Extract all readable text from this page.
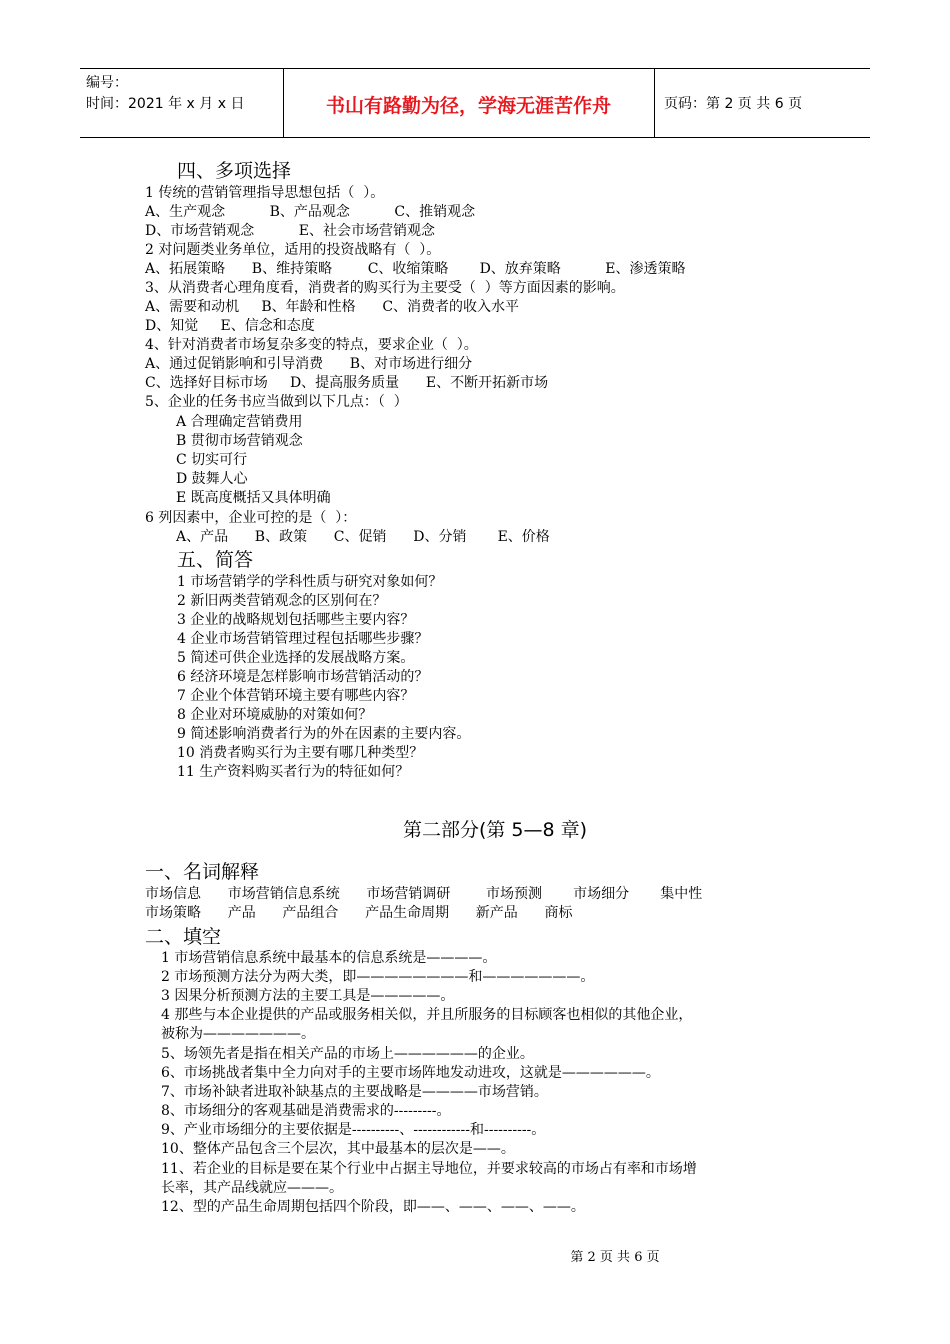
编号：
时间：2021 年 x 月 x 日	书山有路勤为径，学海无涯苦作舟	页码：第 2 页 共 6 页
四、多项选择
1 传统的营销管理指导思想包括（  ）。
A、生产观念          B、产品观念          C、推销观念
D、市场营销观念          E、社会市场营销观念
2 对问题类业务单位，适用的投资战略有（  ）。
A、拓展策略      B、维持策略        C、收缩策略       D、放弃策略          E、渗透策略
3、从消费者心理角度看，消费者的购买行为主要受（  ）等方面因素的影响。
A、需要和动机     B、年龄和性格      C、消费者的收入水平
D、知觉     E、信念和态度
4、针对消费者市场复杂多变的特点，要求企业（  ）。
A、通过促销影响和引导消费      B、对市场进行细分
C、选择好目标市场     D、提高服务质量      E、不断开拓新市场
5、企业的任务书应当做到以下几点：（  ）
A 合理确定营销费用
B 贯彻市场营销观念
C 切实可行
D 鼓舞人心
E 既高度概括又具体明确
6 列因素中，企业可控的是（  ）：
A、产品      B、政策      C、促销      D、分销       E、价格
五、简答
1 市场营销学的学科性质与研究对象如何？
2 新旧两类营销观念的区别何在？
3 企业的战略规划包括哪些主要内容？
4 企业市场营销管理过程包括哪些步骤？
5 简述可供企业选择的发展战略方案。
6 经济环境是怎样影响市场营销活动的？
7 企业个体营销环境主要有哪些内容？
8 企业对环境威胁的对策如何？
9 简述影响消费者行为的外在因素的主要内容。
10 消费者购买行为主要有哪几种类型？
11 生产资料购买者行为的特征如何？
第二部分(第 5—8 章)
一、名词解释
市场信息      市场营销信息系统      市场营销调研        市场预测       市场细分       集中性
市场策略      产品      产品组合      产品生命周期      新产品      商标
二、填空
1 市场营销信息系统中最基本的信息系统是————。
2 市场预测方法分为两大类，即————————和———————。
3 因果分析预测方法的主要工具是—————。
4 那些与本企业提供的产品或服务相关似，并且所服务的目标顾客也相似的其他企业，
被称为———————。
5、场领先者是指在相关产品的市场上——————的企业。
6、市场挑战者集中全力向对手的主要市场阵地发动进攻，这就是——————。
7、市场补缺者进取补缺基点的主要战略是————市场营销。
8、市场细分的客观基础是消费需求的---------。
9、产业市场细分的主要依据是----------、------------和----------。
10、整体产品包含三个层次，其中最基本的层次是——。
11、若企业的目标是要在某个行业中占据主导地位，并要求较高的市场占有率和市场增
长率，其产品线就应———。
12、型的产品生命周期包括四个阶段，即——、——、——、——。
第 2 页 共 6 页
